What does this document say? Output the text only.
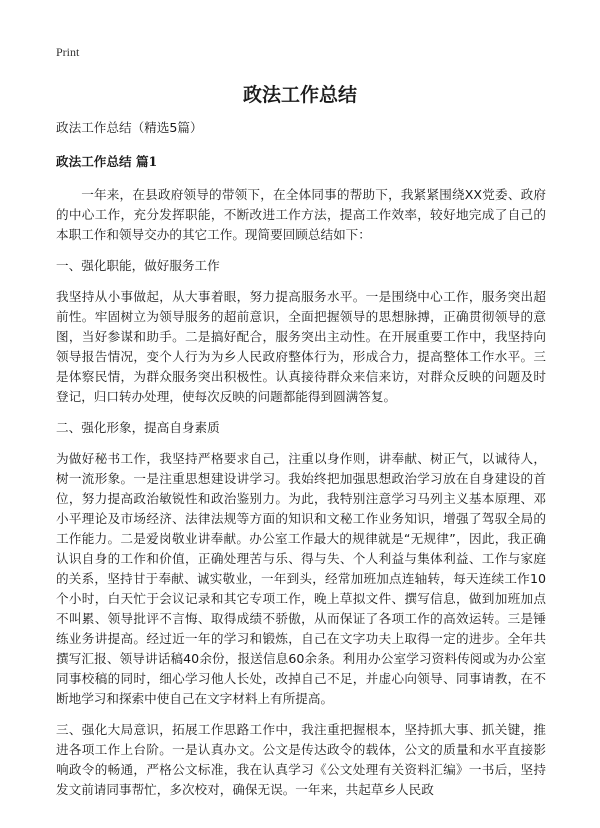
Print
政法工作总结

政法工作总结（精选5篇）

政法工作总结 篇1

一年来，在县政府领导的带领下，在全体同事的帮助下，我紧紧围绕XX党委、政府的中心工作，充分发挥职能，不断改进工作方法，提高工作效率，较好地完成了自己的本职工作和领导交办的其它工作。现简要回顾总结如下：

一、强化职能，做好服务工作

我坚持从小事做起，从大事着眼，努力提高服务水平。一是围绕中心工作，服务突出超前性。牢固树立为领导服务的超前意识，全面把握领导的思想脉搏，正确贯彻领导的意图，当好参谋和助手。二是搞好配合，服务突出主动性。在开展重要工作中，我坚持向领导报告情况，变个人行为为乡人民政府整体行为，形成合力，提高整体工作水平。三是体察民情，为群众服务突出积极性。认真接待群众来信来访，对群众反映的问题及时登记，归口转办处理，使每次反映的问题都能得到圆满答复。

二、强化形象，提高自身素质

为做好秘书工作，我坚持严格要求自己，注重以身作则，讲奉献、树正气，以诚待人，树一流形象。一是注重思想建设讲学习。我始终把加强思想政治学习放在自身建设的首位，努力提高政治敏锐性和政治鉴别力。为此，我特别注意学习马列主义基本原理、邓小平理论及市场经济、法律法规等方面的知识和文秘工作业务知识，增强了驾驭全局的工作能力。二是爱岗敬业讲奉献。办公室工作最大的规律就是“无规律”，因此，我正确认识自身的工作和价值，正确处理苦与乐、得与失、个人利益与集体利益、工作与家庭的关系，坚持甘于奉献、诚实敬业，一年到头，经常加班加点连轴转，每天连续工作10个小时，白天忙于会议记录和其它专项工作，晚上草拟文件、撰写信息，做到加班加点不叫累、领导批评不言悔、取得成绩不骄傲，从而保证了各项工作的高效运转。三是锤练业务讲提高。经过近一年的学习和锻炼，自己在文字功夫上取得一定的进步。全年共撰写汇报、领导讲话稿40余份，报送信息60余条。利用办公室学习资料传阅或为办公室同事校稿的同时，细心学习他人长处，改掉自己不足，并虚心向领导、同事请教，在不断地学习和探索中使自己在文字材料上有所提高。

三、强化大局意识，拓展工作思路工作中，我注重把握根本，坚持抓大事、抓关键，推进各项工作上台阶。一是认真办文。公文是传达政令的载体，公文的质量和水平直接影响政令的畅通，严格公文标准，我在认真学习《公文处理有关资料汇编》一书后，坚持发文前请同事帮忙，多次校对，确保无误。一年来，共起草乡人民政
